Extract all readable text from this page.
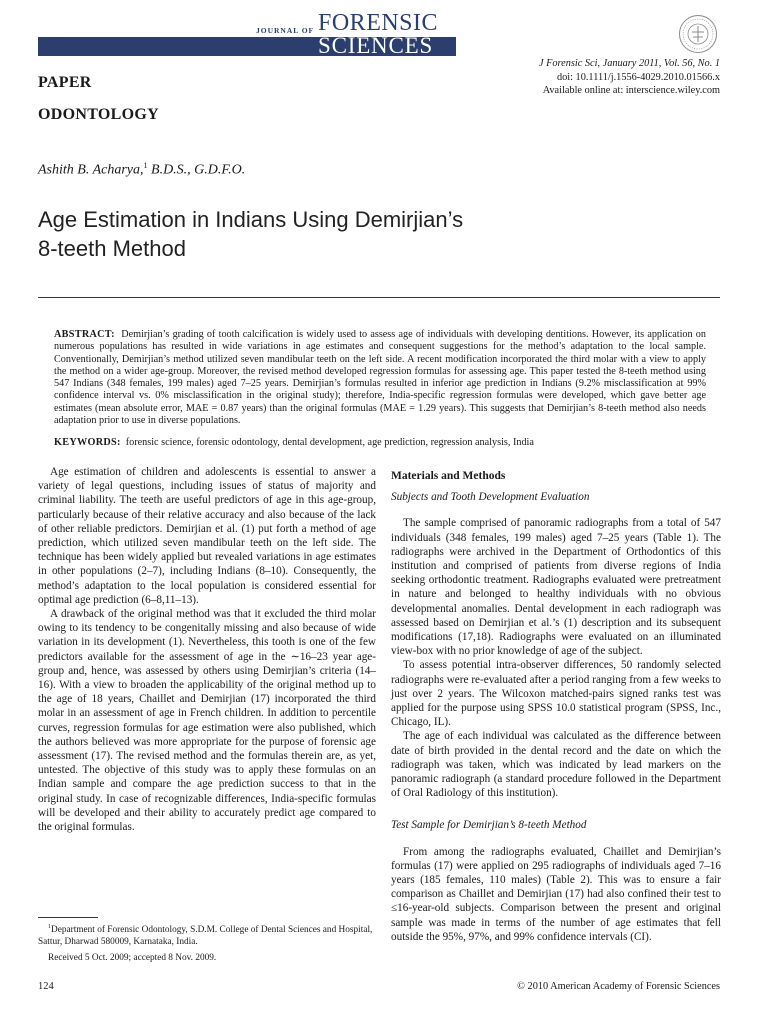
JOURNAL OF FORENSIC
SCIENCES
J Forensic Sci, January 2011, Vol. 56, No. 1
doi: 10.1111/j.1556-4029.2010.01566.x
Available online at: interscience.wiley.com
PAPER
ODONTOLOGY
Ashith B. Acharya,$^1$ B.D.S., G.D.F.O.
Age Estimation in Indians Using Demirjian’s
8-teeth Method
ABSTRACT: Demirjian’s grading of tooth calcification is widely used to assess age of individuals with developing dentitions. However, its application on numerous populations has resulted in wide variations in age estimates and consequent suggestions for the method’s adaptation to the local sample. Conventionally, Demirjian’s method utilized seven mandibular teeth on the left side. A recent modification incorporated the third molar with a view to apply the method on a wider age-group. Moreover, the revised method developed regression formulas for assessing age. This paper tested the 8-teeth method using 547 Indians (348 females, 199 males) aged 7–25 years. Demirjian’s formulas resulted in inferior age prediction in Indians (9.2% misclassification at 99% confidence interval vs. 0% misclassification in the original study); therefore, India-specific regression formulas were developed, which gave better age estimates (mean absolute error, MAE = 0.87 years) than the original formulas (MAE = 1.29 years). This suggests that Demirjian’s 8-teeth method also needs adaptation prior to use in diverse populations.
KEYWORDS: forensic science, forensic odontology, dental development, age prediction, regression analysis, India

Age estimation of children and adolescents is essential to answer a variety of legal questions, including issues of status of majority and criminal liability. The teeth are useful predictors of age in this age-group, particularly because of their relative accuracy and also because of the lack of other reliable predictors. Demirjian et al. (1) put forth a method of age prediction, which utilized seven mandibular teeth on the left side. The technique has been widely applied but revealed variations in age estimates in other populations (2–7), including Indians (8–10). Consequently, the method’s adaptation to the local population is considered essential for optimal age prediction (6–8,11–13).

A drawback of the original method was that it excluded the third molar owing to its tendency to be congenitally missing and also because of wide variation in its development (1). Nevertheless, this tooth is one of the few predictors available for the assessment of age in the ∼16–23 year age-group and, hence, was assessed by others using Demirjian’s criteria (14–16). With a view to broaden the applicability of the original method up to the age of 18 years, Chaillet and Demirjian (17) incorporated the third molar in an assessment of age in French children. In addition to percentile curves, regression formulas for age estimation were also published, which the authors believed was more appropriate for the purpose of forensic age assessment (17). The revised method and the formulas therein are, as yet, untested. The objective of this study was to apply these formulas on an Indian sample and compare the age prediction success to that in the original study. In case of recognizable differences, India-specific formulas will be developed and their ability to accurately predict age compared to the original formulas.

Materials and Methods
Subjects and Tooth Development Evaluation

The sample comprised of panoramic radiographs from a total of 547 individuals (348 females, 199 males) aged 7–25 years (Table 1). The radiographs were archived in the Department of Orthodontics of this institution and comprised of patients from diverse regions of India seeking orthodontic treatment. Radiographs evaluated were pretreatment in nature and belonged to healthy individuals with no obvious developmental anomalies. Dental development in each radiograph was assessed based on Demirjian et al.’s (1) description and its subsequent modifications (17,18). Radiographs were evaluated on an illuminated view-box with no prior knowledge of age of the subject.

To assess potential intra-observer differences, 50 randomly selected radiographs were re-evaluated after a period ranging from a few weeks to just over 2 years. The Wilcoxon matched-pairs signed ranks test was applied for the purpose using SPSS 10.0 statistical program (SPSS, Inc., Chicago, IL).

The age of each individual was calculated as the difference between date of birth provided in the dental record and the date on which the radiograph was taken, which was indicated by lead markers on the panoramic radiograph (a standard procedure followed in the Department of Oral Radiology of this institution).

Test Sample for Demirjian’s 8-teeth Method

From among the radiographs evaluated, Chaillet and Demirjian’s formulas (17) were applied on 295 radiographs of individuals aged 7–16 years (185 females, 110 males) (Table 2). This was to ensure a fair comparison as Chaillet and Demirjian (17) had also confined their test to ≤16-year-old subjects. Comparison between the present and original sample was made in terms of the number of age estimates that fell outside the 95%, 97%, and 99% confidence intervals (CI).

$^1$Department of Forensic Odontology, S.D.M. College of Dental Sciences and Hospital, Sattur, Dharwad 580009, Karnataka, India.

Received 5 Oct. 2009; accepted 8 Nov. 2009.

124	© 2010 American Academy of Forensic Sciences
